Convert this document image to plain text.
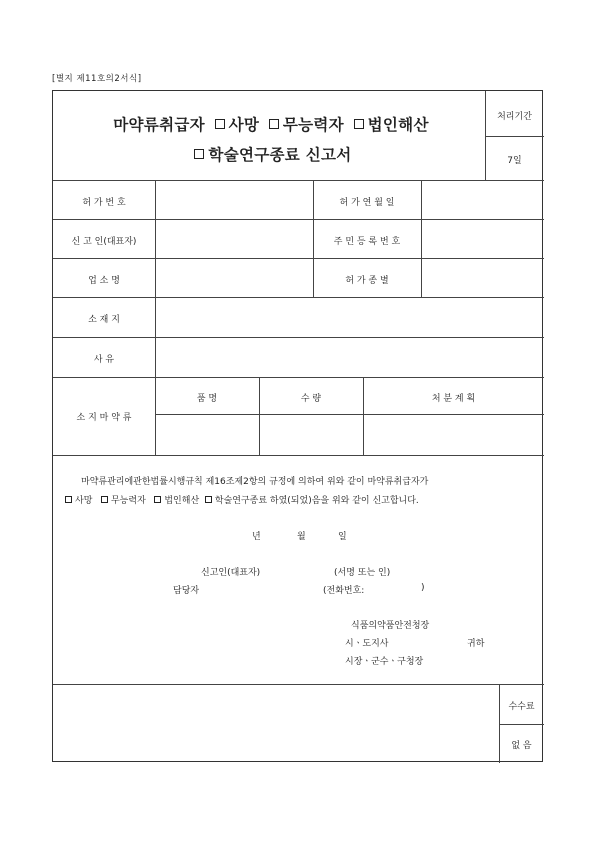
[별지 제11호의2서식]
마약류취급자 사망 무능력자 법인해산
학술연구종료 신고서
처리기간
7일
허 가 번 호	허 가 연 월 일
신 고 인(대표자)	주 민 등 록 번 호
업 소 명	허 가 종 별
소 재 지
사 유
소 지 마 약 류
품 명	수 량	처 분 계 획
마약류관리에관한법률시행규칙 제16조제2항의 규정에 의하여 위와 같이 마약류취급자가
사망 무능력자 법인해산 학술연구종료 하였(되었)음을 위와 같이 신고합니다.
년	월	일
신고인(대표자)	(서명 또는 인)
담당자	(전화번호:	)
식품의약품안전청장
시ㆍ도지사	귀하
시장ㆍ군수ㆍ구청장
수수료
없 음
